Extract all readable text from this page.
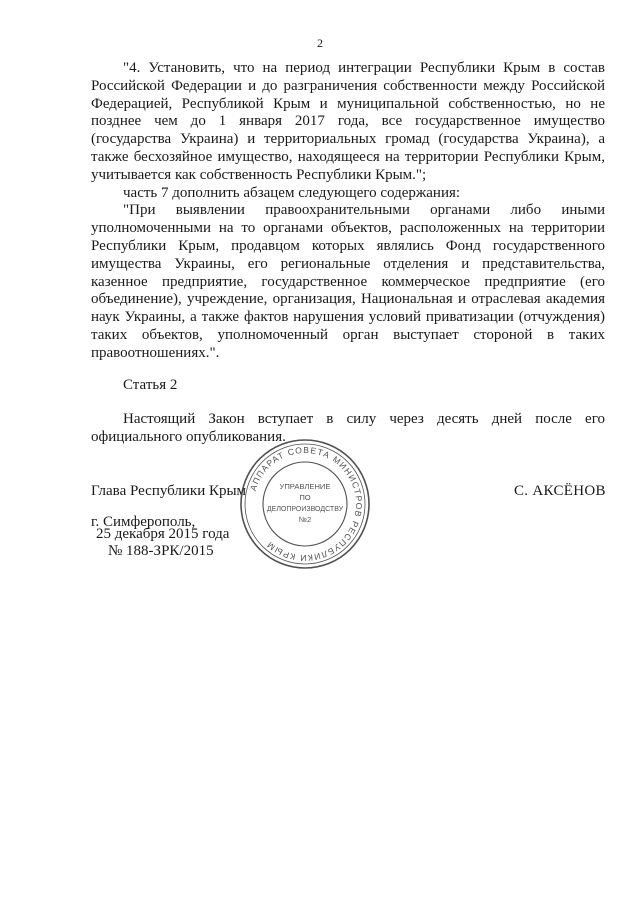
2

"4. Установить, что на период интеграции Республики Крым в состав Российской Федерации и до разграничения собственности между Российской Федерацией, Республикой Крым и муниципальной собственностью, но не позднее чем до 1 января 2017 года, все государственное имущество (государства Украина) и территориальных громад (государства Украина), а также бесхозяйное имущество, находящееся на территории Республики Крым, учитывается как собственность Республики Крым.";

часть 7 дополнить абзацем следующего содержания:

"При выявлении правоохранительными органами либо иными уполномоченными на то органами объектов, расположенных на территории Республики Крым, продавцом которых являлись Фонд государственного имущества Украины, его региональные отделения и представительства, казенное предприятие, государственное коммерческое предприятие (его объединение), учреждение, организация, Национальная и отраслевая академия наук Украины, а также фактов нарушения условий приватизации (отчуждения) таких объектов, уполномоченный орган выступает стороной в таких правоотношениях.".

Статья 2

Настоящий Закон вступает в силу через десять дней после его официального опубликования.

Глава Республики Крым	С. АКСЁНОВ
г. Симферополь,
25 декабря 2015 года
№ 188-ЗРК/2015
АППАРАТ СОВЕТА МИНИСТРОВ РЕСПУБЛИКИ КРЫМ
УПРАВЛЕНИЕ
ПО
ДЕЛОПРОИЗВОДСТВУ
№2
